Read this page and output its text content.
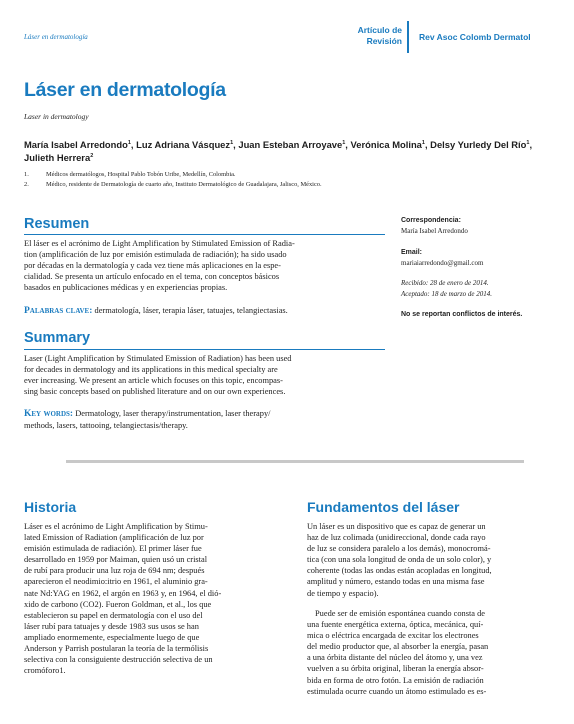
Láser en dermatología
Artículo de
Revisión Rev Asoc Colomb Dermatol
Láser en dermatología
Laser in dermatology
María Isabel Arredondo$^1$, Luz Adriana Vásquez$^1$, Juan Esteban Arroyave$^1$, Verónica Molina$^1$, Delsy Yurledy Del Río$^1$, Julieth Herrera$^2$
1.	Médicos dermatólogos, Hospital Pablo Tobón Uribe, Medellín, Colombia.
2.	Médico, residente de Dermatología de cuarto año, Instituto Dermatológico de Guadalajara, Jalisco, México.
Resumen
El láser es el acrónimo de Light Amplification by Stimulated Emission of Radia-
tion (amplificación de luz por emisión estimulada de radiación); ha sido usado
por décadas en la dermatología y cada vez tiene más aplicaciones en la espe-
cialidad. Se presenta un artículo enfocado en el tema, con conceptos básicos
basados en publicaciones médicas y en experiencias propias.
Palabras clave: dermatología, láser, terapia láser, tatuajes, telangiectasias.
Summary
Laser (Light Amplification by Stimulated Emission of Radiation) has been used
for decades in dermatology and its applications in this medical specialty are
ever increasing. We present an article which focuses on this topic, encompas-
sing basic concepts based on published literature and on our own experiences.
Key words: Dermatology, laser therapy/instrumentation, laser therapy/
methods, lasers, tattooing, telangiectasis/therapy.
Correspondencia:
María Isabel Arredondo
Email:
mariaiarredondo@gmail.com
Recibido: 28 de enero de 2014.
Aceptado: 18 de marzo de 2014.
No se reportan conflictos de interés.
Historia
Láser es el acrónimo de Light Amplification by Stimu-
lated Emission of Radiation (amplificación de luz por
emisión estimulada de radiación). El primer láser fue
desarrollado en 1959 por Maiman, quien usó un cristal
de rubí para producir una luz roja de 694 nm; después
aparecieron el neodimio:itrio en 1961, el aluminio gra-
nate Nd:YAG en 1962, el argón en 1963 y, en 1964, el dió-
xido de carbono (CO2). Fueron Goldman, et al., los que
establecieron su papel en dermatología con el uso del
láser rubí para tatuajes y desde 1983 sus usos se han
ampliado enormemente, especialmente luego de que
Anderson y Parrish postularan la teoría de la termólisis
selectiva con la consiguiente destrucción selectiva de un
cromóforo1.
Fundamentos del láser
Un láser es un dispositivo que es capaz de generar un
haz de luz colimada (unidireccional, donde cada rayo
de luz se considera paralelo a los demás), monocromá-
tica (con una sola longitud de onda de un solo color), y
coherente (todas las ondas están acopladas en longitud,
amplitud y número, estando todas en una misma fase
de tiempo y espacio).
Puede ser de emisión espontánea cuando consta de
una fuente energética externa, óptica, mecánica, quí-
mica o eléctrica encargada de excitar los electrones
del medio productor que, al absorber la energía, pasan
a una órbita distante del núcleo del átomo y, una vez
vuelven a su órbita original, liberan la energía absor-
bida en forma de otro fotón. La emisión de radiación
estimulada ocurre cuando un átomo estimulado es es-
